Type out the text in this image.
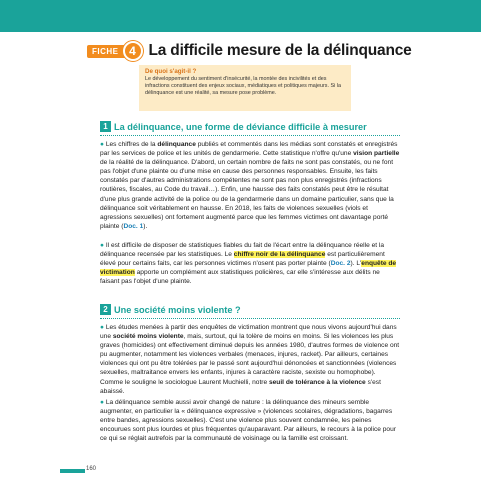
FICHE 4 La difficile mesure de la délinquance
De quoi s'agit-il ?
Le développement du sentiment d'insécurité, la montée des incivilités et des infractions constituent des enjeux sociaux, médiatiques et politiques majeurs. Si la délinquance est une réalité, sa mesure pose problème.
1 La délinquance, une forme de déviance difficile à mesurer

● Les chiffres de la délinquance publiés et commentés dans les médias sont constatés et enregistrés par les services de police et les unités de gendarmerie. Cette statistique n'offre qu'une vision partielle de la réalité de la délinquance. D'abord, un certain nombre de faits ne sont pas constatés, ou ne font pas l'objet d'une plainte ou d'une mise en cause des personnes responsables. Ensuite, les faits constatés par d'autres administrations compétentes ne sont pas non plus enregistrés (infractions routières, fiscales, au Code du travail…). Enfin, une hausse des faits constatés peut être le résultat d'une plus grande activité de la police ou de la gendarmerie dans un domaine particulier, sans que la délinquance soit véritablement en hausse. En 2018, les faits de violences sexuelles (viols et agressions sexuelles) ont fortement augmenté parce que les femmes victimes ont davantage porté plainte (Doc. 1).

● Il est difficile de disposer de statistiques fiables du fait de l'écart entre la délinquance réelle et la délinquance recensée par les statistiques. Le chiffre noir de la délinquance est particulièrement élevé pour certains faits, car les personnes victimes n'osent pas porter plainte (Doc. 2). L'enquête de victimation apporte un complément aux statistiques policières, car elle s'intéresse aux délits ne faisant pas l'objet d'une plainte.

2 Une société moins violente ?

● Les études menées à partir des enquêtes de victimation montrent que nous vivons aujourd'hui dans une société moins violente, mais, surtout, qui la tolère de moins en moins. Si les violences les plus graves (homicides) ont effectivement diminué depuis les années 1980, d'autres formes de violence ont pu augmenter, notamment les violences verbales (menaces, injures, racket). Par ailleurs, certaines violences qui ont pu être tolérées par le passé sont aujourd'hui dénoncées et sanctionnées (violences sexuelles, maltraitance envers les enfants, injures à caractère raciste, sexiste ou homophobe). Comme le souligne le sociologue Laurent Muchielli, notre seuil de tolérance à la violence s'est abaissé.

● La délinquance semble aussi avoir changé de nature : la délinquance des mineurs semble augmenter, en particulier la « délinquance expressive » (violences scolaires, dégradations, bagarres entre bandes, agressions sexuelles). C'est une violence plus souvent condamnée, les peines encourues sont plus lourdes et plus fréquentes qu'auparavant. Par ailleurs, le recours à la police pour ce qui se réglait autrefois par la communauté de voisinage ou la famille est croissant.

160
